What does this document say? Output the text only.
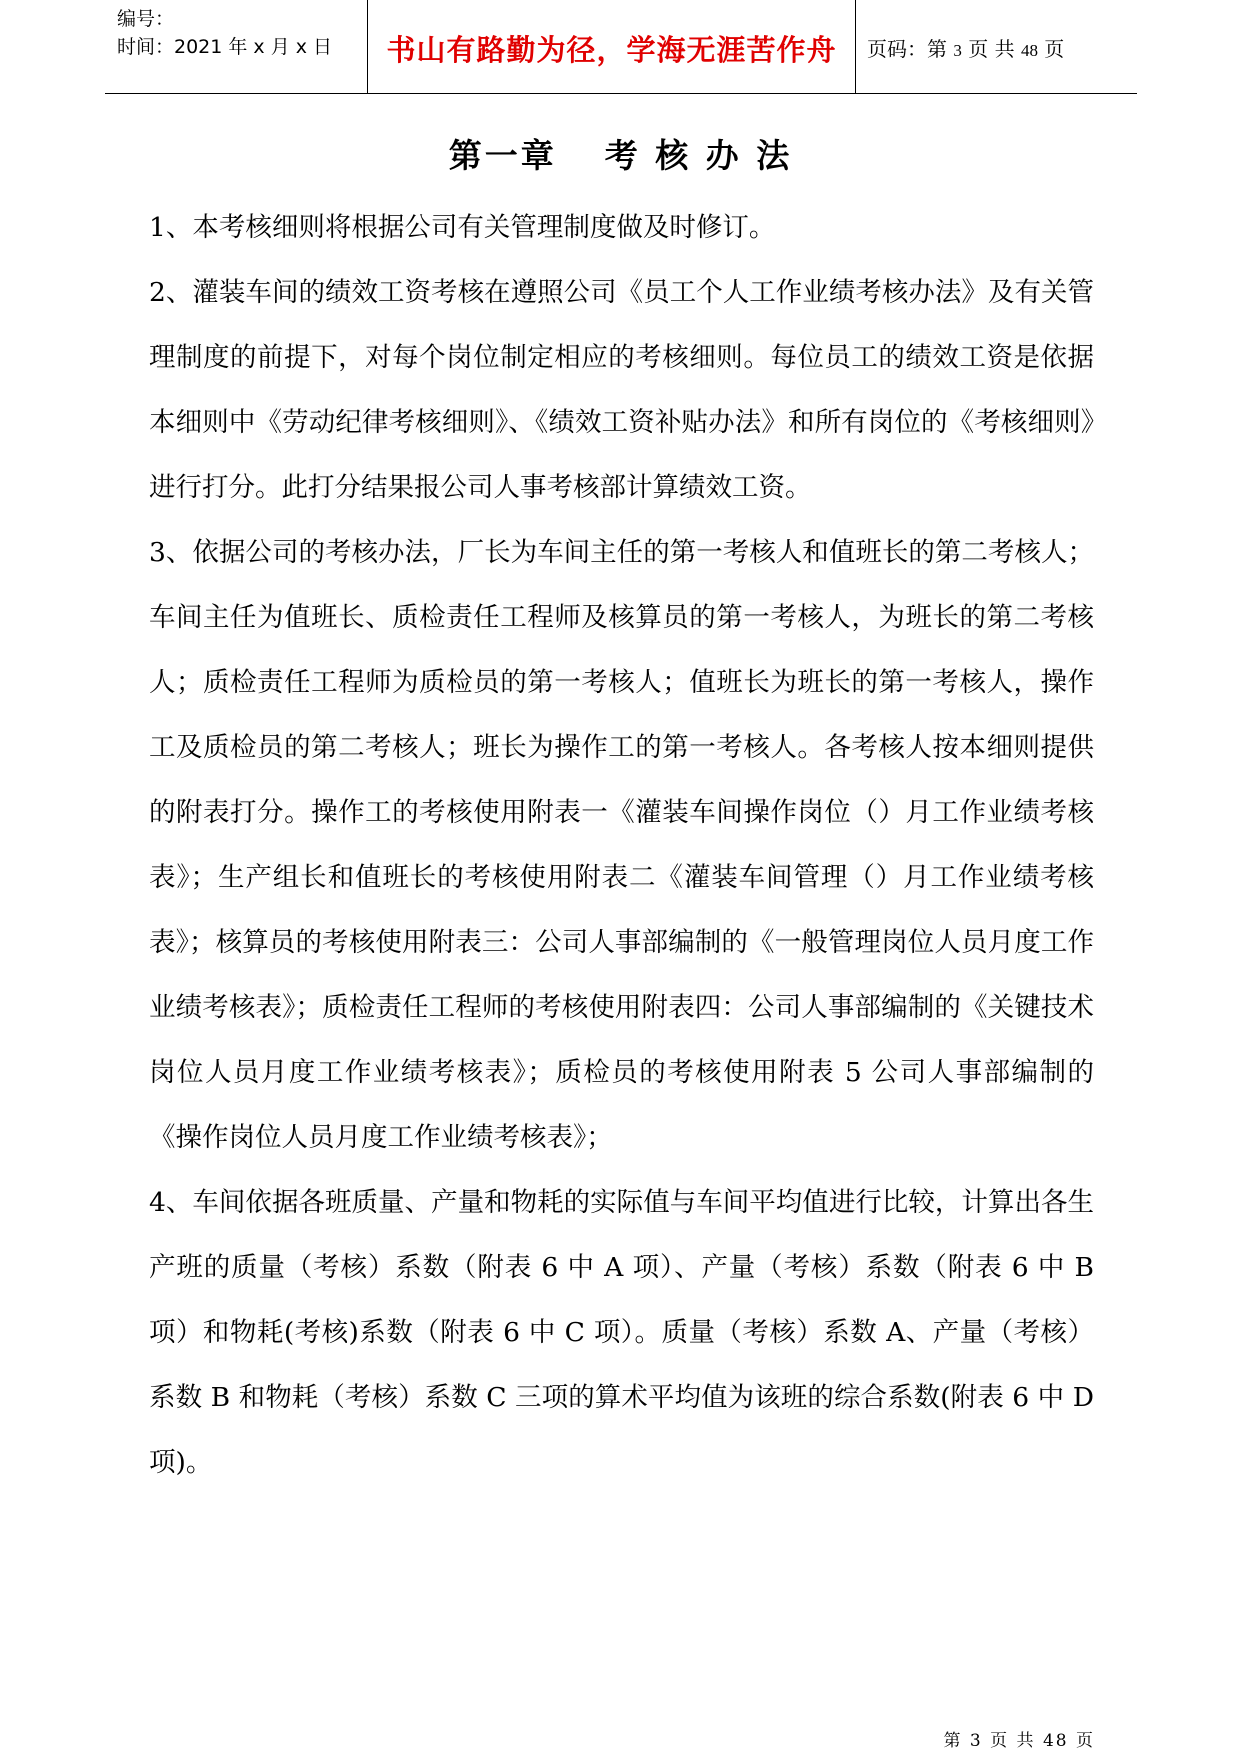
编号：
时间：2021 年 x 月 x 日	书山有路勤为径，学海无涯苦作舟	页码：第 3 页 共 48 页
第一章 考 核 办 法

1、本考核细则将根据公司有关管理制度做及时修订。

2、灌装车间的绩效工资考核在遵照公司《员工个人工作业绩考核办法》及有关管理制度的前提下，对每个岗位制定相应的考核细则。每位员工的绩效工资是依据本细则中《劳动纪律考核细则》、《绩效工资补贴办法》和所有岗位的《考核细则》进行打分。此打分结果报公司人事考核部计算绩效工资。

3、依据公司的考核办法，厂长为车间主任的第一考核人和值班长的第二考核人；车间主任为值班长、质检责任工程师及核算员的第一考核人，为班长的第二考核人；质检责任工程师为质检员的第一考核人；值班长为班长的第一考核人，操作工及质检员的第二考核人；班长为操作工的第一考核人。各考核人按本细则提供的附表打分。操作工的考核使用附表一《灌装车间操作岗位（）月工作业绩考核表》；生产组长和值班长的考核使用附表二《灌装车间管理（）月工作业绩考核表》；核算员的考核使用附表三：公司人事部编制的《一般管理岗位人员月度工作业绩考核表》；质检责任工程师的考核使用附表四：公司人事部编制的《关键技术岗位人员月度工作业绩考核表》；质检员的考核使用附表 5 公司人事部编制的《操作岗位人员月度工作业绩考核表》；

4、车间依据各班质量、产量和物耗的实际值与车间平均值进行比较，计算出各生产班的质量（考核）系数（附表 6 中 A 项）、产量（考核）系数（附表 6 中 B 项）和物耗(考核)系数（附表 6 中 C 项）。质量（考核）系数 A、产量（考核）系数 B 和物耗（考核）系数 C 三项的算术平均值为该班的综合系数(附表 6 中 D 项)。

第 3 页 共 48 页
